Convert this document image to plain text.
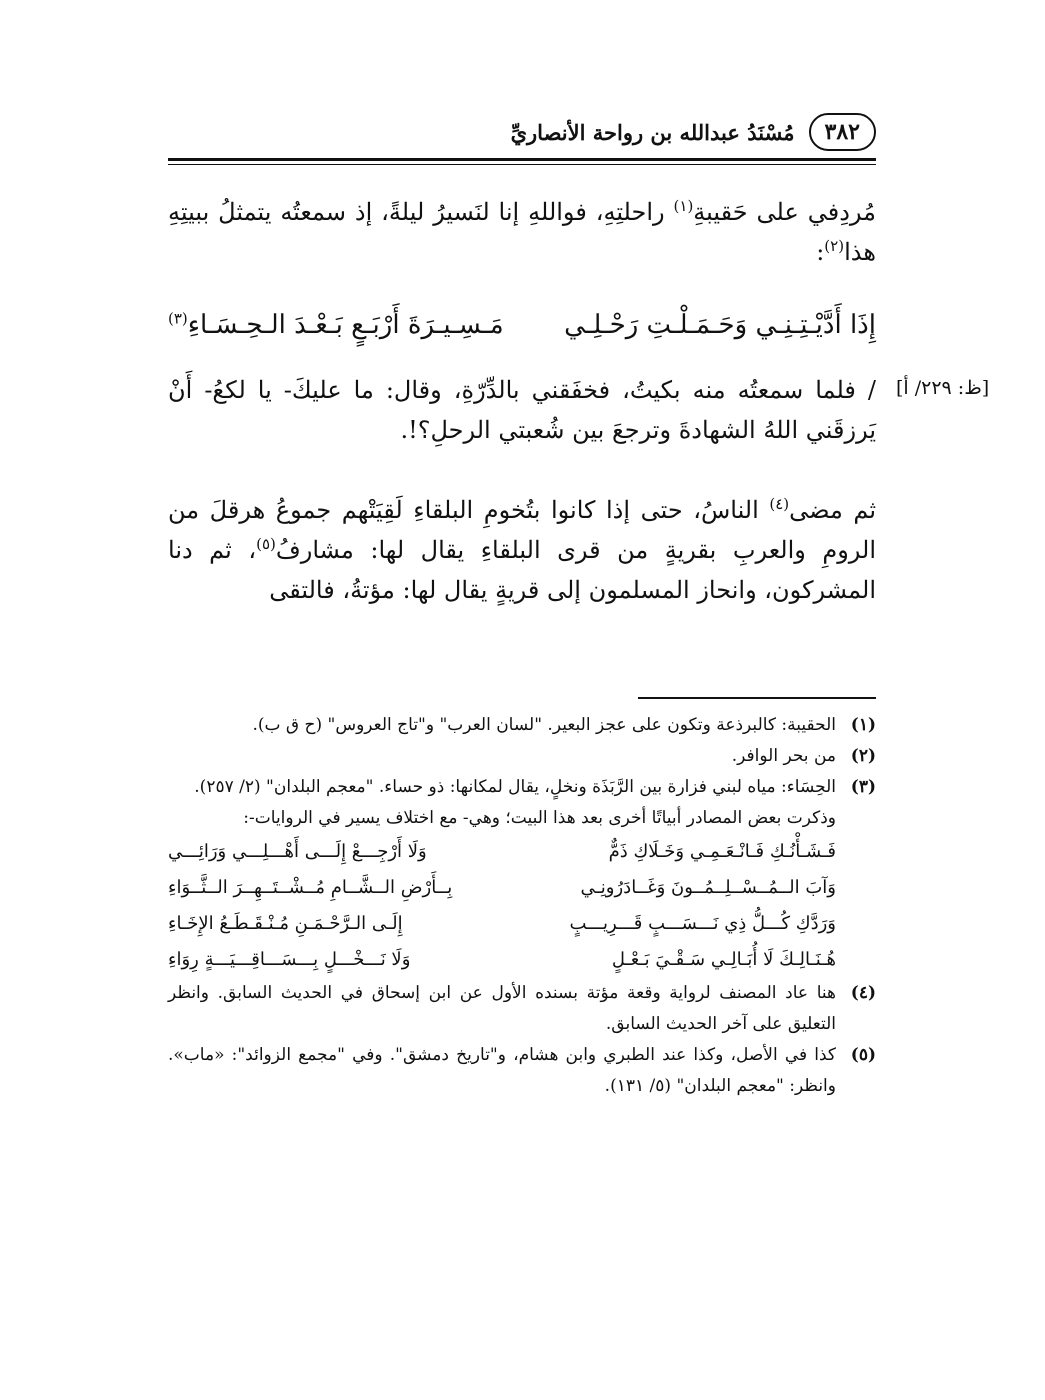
٣٨٢
مُسْنَدُ عبدالله بن رواحة الأنصاريِّ
مُردِفي على حَقيبةِ$^{(١)}$ راحلتِهِ، فواللهِ إنا لنَسيرُ ليلةً، إذ سمعتُه يتمثلُ ببيتِهِ هذا$^{(٢)}$:
إِذَا أَدَّيْـتِـنِـي وَحَـمَـلْـتِ رَحْـلِـي
مَـسِـيـرَةَ أَرْبَـعٍ بَـعْـدَ الـحِـسَـاءِ$^{(٣)}$
[ظ: ٢٢٩/ أ]
/ فلما سمعتُه منه بكيتُ، فخفَقني بالدِّرّةِ، وقال: ما عليكَ- يا لكعُ- أَنْ يَرزقَني اللهُ الشهادةَ وترجعَ بين شُعبتي الرحلِ؟!.
ثم مضى$^{(٤)}$ الناسُ، حتى إذا كانوا بتُخومِ البلقاءِ لَقِيَتْهم جموعُ هرقلَ من الرومِ والعربِ بقريةٍ من قرى البلقاءِ يقال لها: مشارفُ$^{(٥)}$، ثم دنا المشركون، وانحاز المسلمون إلى قريةٍ يقال لها: مؤتةُ، فالتقى
(١)
الحقيبة: كالبرذعة وتكون على عجز البعير. "لسان العرب" و"تاج العروس" (ح ق ب).
(٢)
من بحر الوافر.
(٣)
الحِسَاء: مياه لبني فزارة بين الرَّبَذَة ونخلٍ، يقال لمكانها: ذو حساء. "معجم البلدان" (٢/ ٢٥٧).
وذكرت بعض المصادر أبياتًا أخرى بعد هذا البيت؛ وهي- مع اختلاف يسير في الروايات-:
فَـشَـأْنُـكِ فَـانْـعَـمِـي وَخَـلَاكِ ذَمٌّ
وَلَا أَرْجِـــعْ إِلَـــى أَهْـــلِـــي وَرَائِـــي
وَآبَ الــمُــسْــلِــمُــونَ وَغَــادَرُونِـي
بِــأَرْضِ الــشَّــامِ مُــشْــتَــهِــرَ الــثَّــوَاءِ
وَرَدَّكِ كُـــلُّ ذِي نَـــسَـــبٍ قَـــرِيـــبٍ
إِلَـى الـرَّحْـمَـنِ مُـنْـقَـطَـعُ الإِخَـاءِ
هُـنَـالِـكَ لَا أُبَـالِـي سَـقْـيَ بَـعْـلٍ
وَلَا نَـــخْـــلٍ بِـــسَـــاقِـــيَـــةٍ رِوَاءِ
(٤)
هنا عاد المصنف لرواية وقعة مؤتة بسنده الأول عن ابن إسحاق في الحديث السابق. وانظر التعليق على آخر الحديث السابق.
(٥)
كذا في الأصل، وكذا عند الطبري وابن هشام، و"تاريخ دمشق". وفي "مجمع الزوائد": «ماب». وانظر: "معجم البلدان" (٥/ ١٣١).
